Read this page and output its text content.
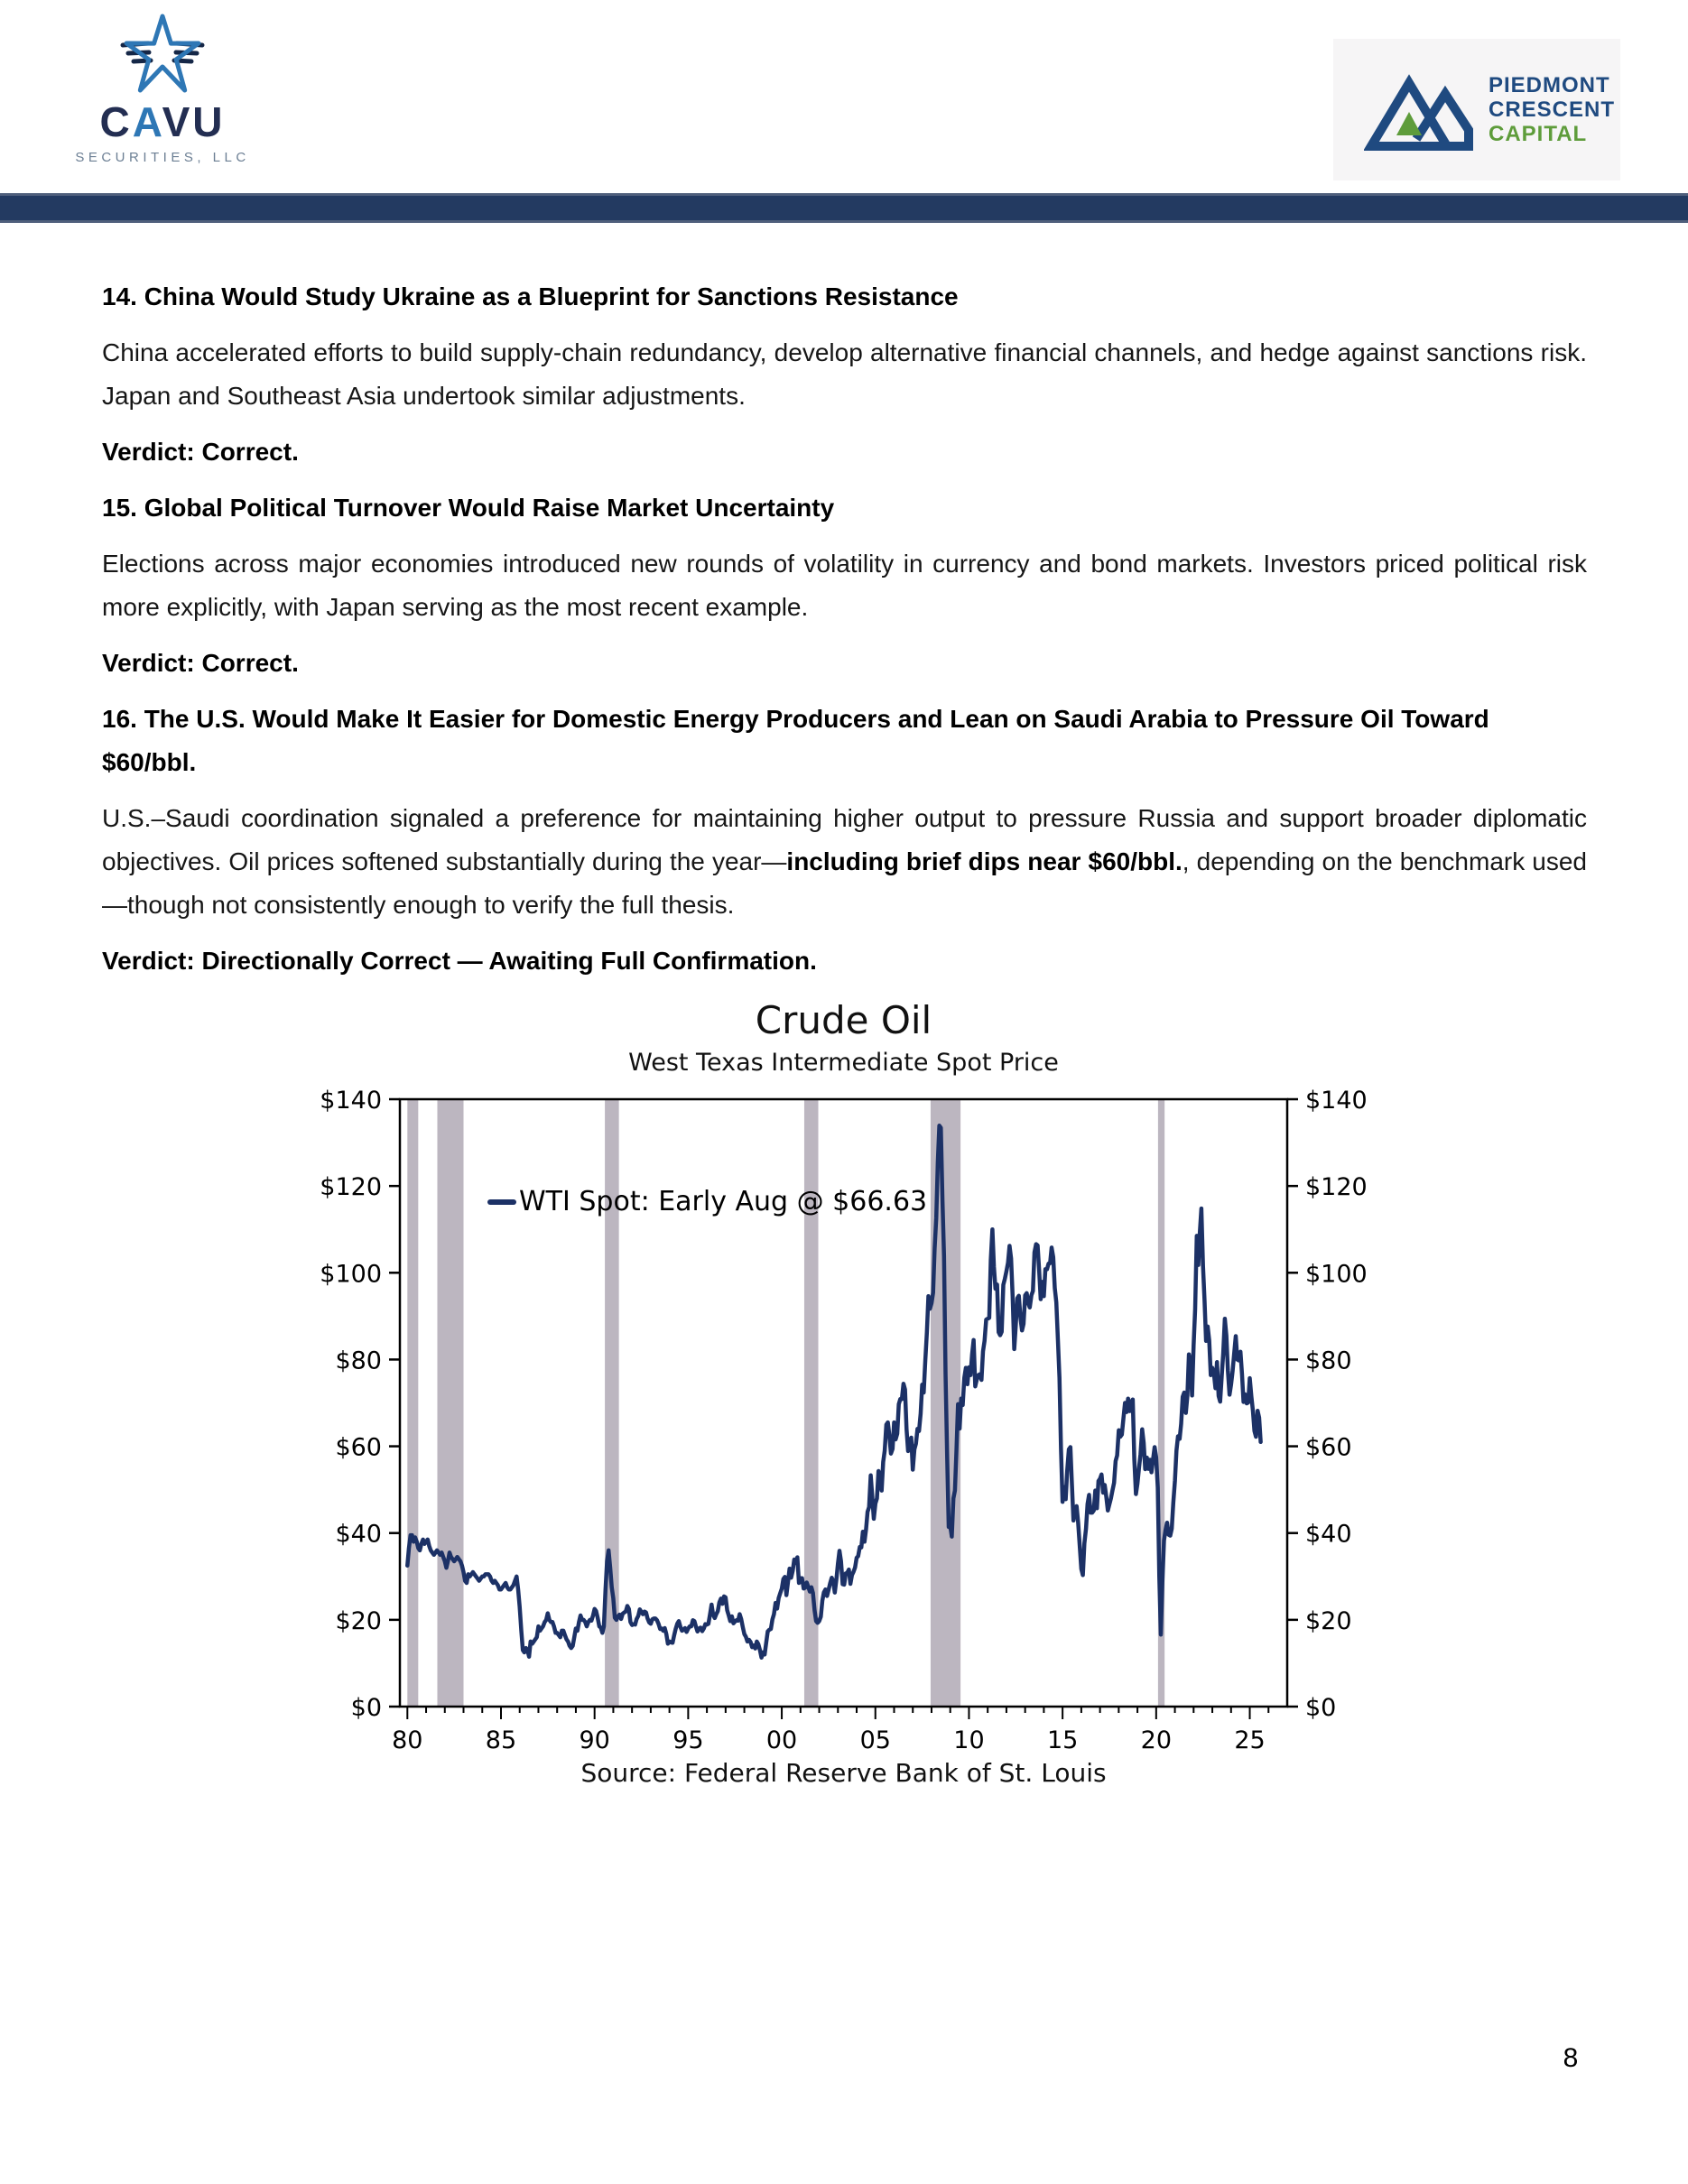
CAVU
SECURITIES, LLC
PIEDMONT
CRESCENT
CAPITAL
14. China Would Study Ukraine as a Blueprint for Sanctions Resistance

China accelerated efforts to build supply-chain redundancy, develop alternative financial channels, and hedge against sanctions risk. Japan and Southeast Asia undertook similar adjustments.

Verdict: Correct.
15. Global Political Turnover Would Raise Market Uncertainty

Elections across major economies introduced new rounds of volatility in currency and bond markets. Investors priced political risk more explicitly, with Japan serving as the most recent example.

Verdict: Correct.
16. The U.S. Would Make It Easier for Domestic Energy Producers and Lean on Saudi Arabia to Pressure Oil Toward $60/bbl.

U.S.–Saudi coordination signaled a preference for maintaining higher output to pressure Russia and support broader diplomatic objectives. Oil prices softened substantially during the year—including brief dips near $60/bbl., depending on the benchmark used—though not consistently enough to verify the full thesis.

Verdict: Directionally Correct — Awaiting Full Confirmation.
Crude Oil
West Texas Intermediate Spot Price
$0	$0
$20	$20
$40	$40
$60	$60
$80	$80
$100	$100
$120	$120
$140	$140
80	85	90	95	00	05	10	15	20	25
WTI Spot: Early Aug @ $66.63
Source: Federal Reserve Bank of St. Louis
8
